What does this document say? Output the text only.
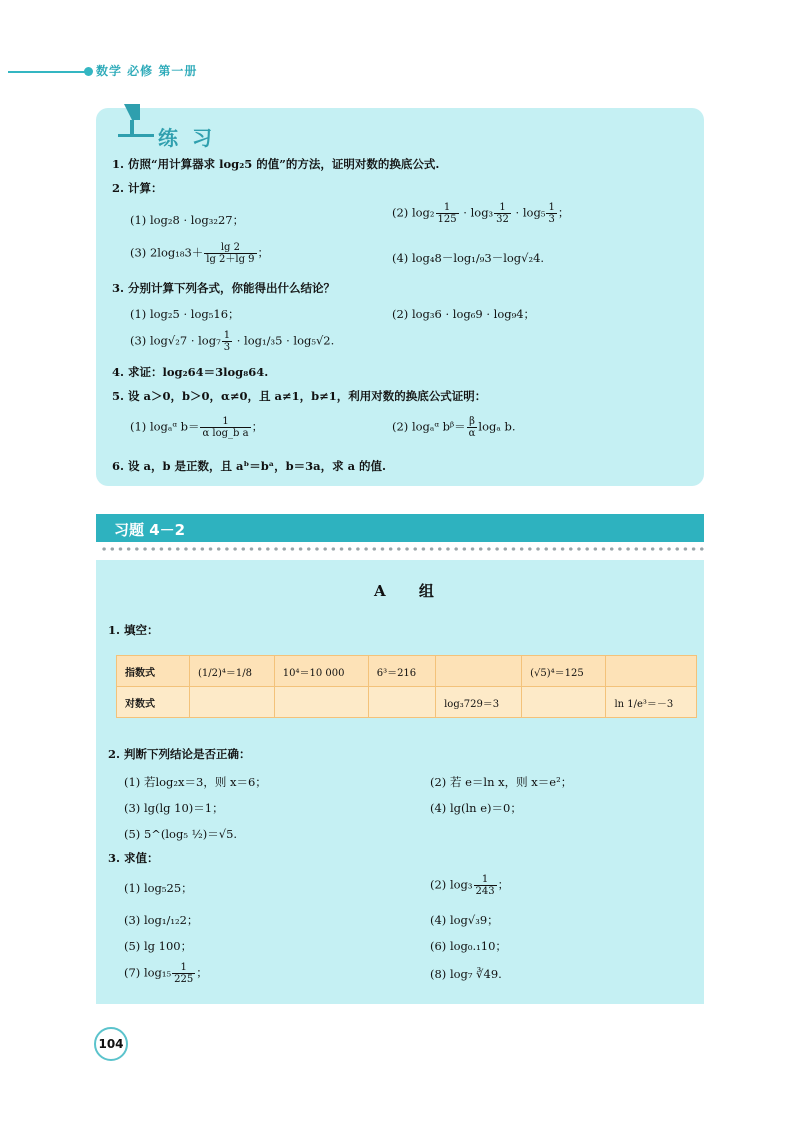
数学 必修 第一册
练习
1. 仿照“用计算器求 log₂5 的值”的方法，证明对数的换底公式.
2. 计算：
(1) log₂8 · log₃₂27；
(2) $\log_2 \frac{1}{125} \cdot \log_3 \frac{1}{32} \cdot \log_5 \frac{1}{3}$ ；
(3) $2\log_{18}3+ \frac{\lg 2}{\lg 2+\lg 9}$ ；	(4) log₄8－log₁/₉3－log√₂4.
3. 分别计算下列各式，你能得出什么结论？
(1) log₂5 · log₅16；	(2) log₃6 · log₆9 · log₉4；
(3) $\log√_27 \cdot \log_7 \frac{1}{3} \cdot \log_1/_35 \cdot \log_5√2$.
4. 求证：log₂64＝3log₈64.
5. 设 a＞0，b＞0，α≠0，且 a≠1，b≠1，利用对数的换底公式证明：
(1) logₐᵅ $b= \frac{1}{\text{α log\_b a}}$ ；	(2) logₐᵅ bᵝ＝ $\frac{\beta}{\alpha}$ logₐ b.
6. 设 a，b 是正数，且 aᵇ＝bᵃ，b＝3a，求 a 的值.
习题 4－2
A 组
1. 填空：
指数式	(1/2)⁴＝1/8	10⁴＝10 000	6³＝216		(√5)⁴＝125	
对数式				log₃729＝3		ln 1/e³＝－3
2. 判断下列结论是否正确：
(1) 若log₂x＝3，则 x＝6；	(2) 若 e＝ln x，则 x＝e²；
(3) lg(lg 10)＝1；	(4) lg(ln e)＝0；
(5) 5^(log₅ ½)＝√5.
3. 求值：
(1) log₅25；	(2) $\log_3 \frac{1}{243}$ ；
(3) log₁/₁₂2；	(4) log√₃9；
(5) lg 100；	(6) log₀.₁10；
(7) $\log_{15} \frac{1}{225}$ ；	(8) log₇ ∛49.
104
